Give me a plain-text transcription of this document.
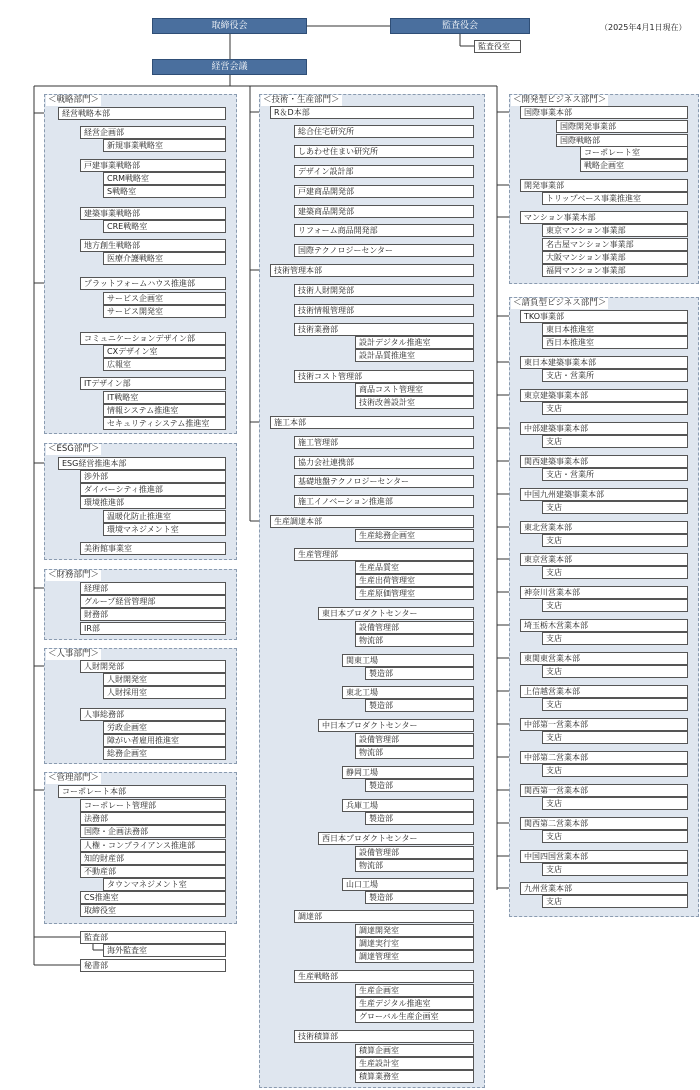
（2025年4月1日現在）
取締役会	監査役会
監査役室
経営会議
＜戦略部門＞
＜ESG部門＞
＜財務部門＞
＜人事部門＞
＜管理部門＞
＜技術・生産部門＞	＜開発型ビジネス部門＞
＜請負型ビジネス部門＞
経営戦略本部
経営企画部
新規事業戦略室
戸建事業戦略部
CRM戦略室
S戦略室
建築事業戦略部
CRE戦略室
地方創生戦略部
医療介護戦略室
プラットフォームハウス推進部
サービス企画室
サービス開発室
コミュニケーションデザイン部
CXデザイン室
広報室
ITデザイン部
IT戦略室
情報システム推進室
セキュリティシステム推進室
ESG経営推進本部
渉外部
ダイバーシティ推進部
環境推進部
温暖化防止推進室
環境マネジメント室
美術館事業室
経理部
グループ経営管理部
財務部
IR部
人財開発部
人財開発室
人財採用室
人事総務部
労政企画室
障がい者雇用推進室
総務企画室
コーポレート本部
コーポレート管理部
法務部
国際・企画法務部
人権・コンプライアンス推進部
知的財産部
不動産部
タウンマネジメント室
CS推進室
取締役室
監査部
海外監査室
秘書部
R＆D本部
総合住宅研究所
しあわせ住まい研究所
デザイン設計部
戸建商品開発部
建築商品開発部
リフォーム商品開発部
国際テクノロジーセンター
技術管理本部
技術人財開発部
技術情報管理部
技術業務部
設計デジタル推進室
設計品質推進室
技術コスト管理部
商品コスト管理室
技術改善設計室
施工本部
施工管理部
協力会社連携部
基礎地盤テクノロジーセンター
施工イノベーション推進部
生産調達本部
生産総務企画室
生産管理部
生産品質室
生産出荷管理室
生産原価管理室
東日本プロダクトセンター
設備管理部
物流部
関東工場
製造部
東北工場
製造部
中日本プロダクトセンター
設備管理部
物流部
静岡工場
製造部
兵庫工場
製造部
西日本プロダクトセンター
設備管理部
物流部
山口工場
製造部
調達部
調達開発室
調達実行室
調達管理室
生産戦略部
生産企画室
生産デジタル推進室
グローバル生産企画室
技術積算部
積算企画室
生産設計室
積算業務室
国際事業本部
国際開発事業部
国際戦略部
コーポレート室
戦略企画室
開発事業部
トリップベース事業推進室
マンション事業本部
東京マンション事業部
名古屋マンション事業部
大阪マンション事業部
福岡マンション事業部
TKO事業部
東日本推進室
西日本推進室
東日本建築事業本部
支店・営業所
東京建築事業本部
支店
中部建築事業本部
支店
関西建築事業本部
支店・営業所
中国九州建築事業本部
支店
東北営業本部
支店
東京営業本部
支店
神奈川営業本部
支店
埼玉栃木営業本部
支店
東関東営業本部
支店
上信越営業本部
支店
中部第一営業本部
支店
中部第二営業本部
支店
関西第一営業本部
支店
関西第二営業本部
支店
中国四国営業本部
支店
九州営業本部
支店
